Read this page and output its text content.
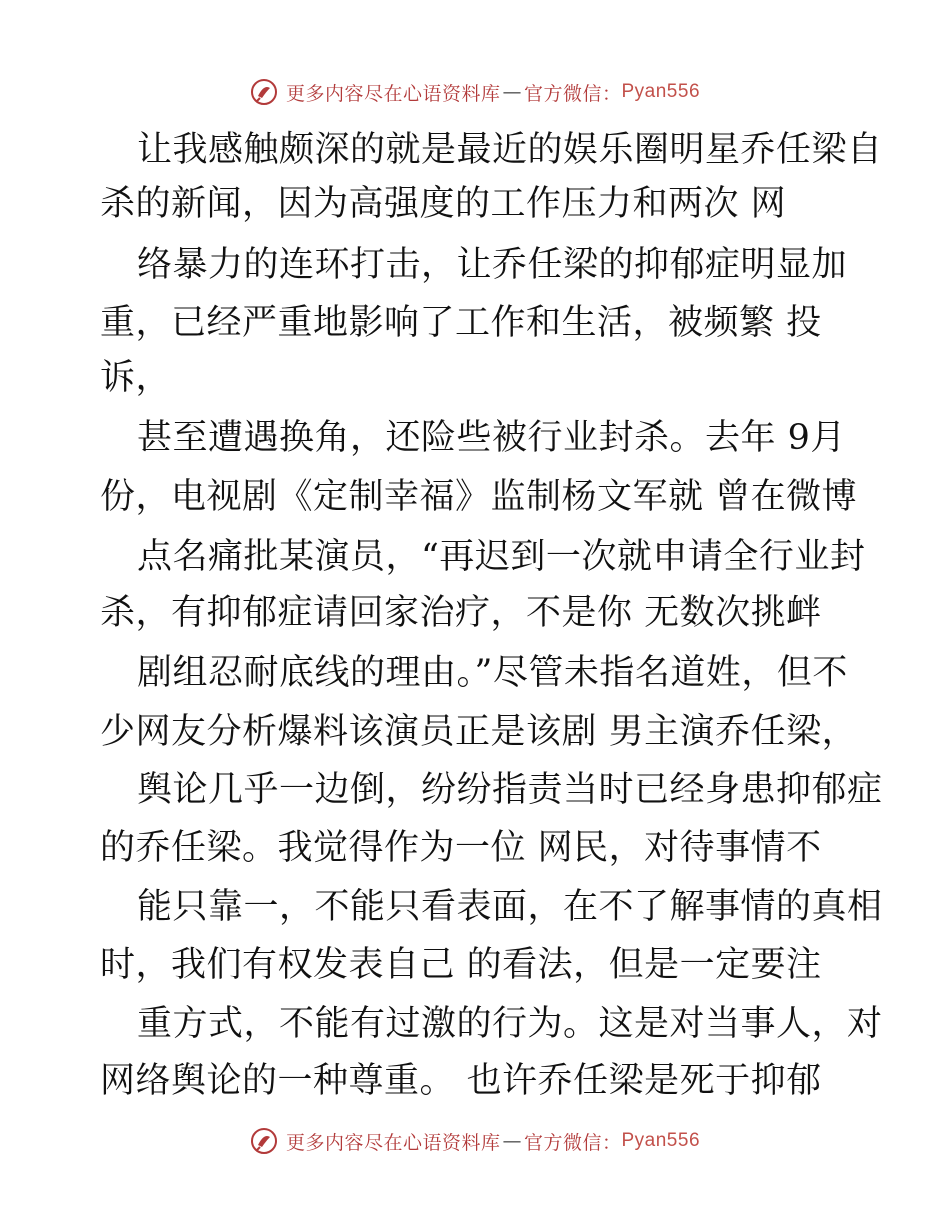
更多内容尽在心语资料库 — 官方微信： Pyan556
让我感触颇深的就是最近的娱乐圈明星乔任梁自
杀的新闻，因为高强度的工作压力和两次 网
络暴力的连环打击，让乔任梁的抑郁症明显加
重，已经严重地影响了工作和生活，被频繁 投
诉，
甚至遭遇换角，还险些被行业封杀。去年 9月
份，电视剧《定制幸福》监制杨文军就 曾在微博
点名痛批某演员，“再迟到一次就申请全行业封
杀，有抑郁症请回家治疗，不是你 无数次挑衅
剧组忍耐底线的理由。”尽管未指名道姓，但不
少网友分析爆料该演员正是该剧 男主演乔任梁，
舆论几乎一边倒，纷纷指责当时已经身患抑郁症
的乔任梁。我觉得作为一位 网民，对待事情不
能只靠一，不能只看表面，在不了解事情的真相
时，我们有权发表自己 的看法，但是一定要注
重方式，不能有过激的行为。这是对当事人，对
网络舆论的一种尊重。 也许乔任梁是死于抑郁
更多内容尽在心语资料库 — 官方微信： Pyan556
